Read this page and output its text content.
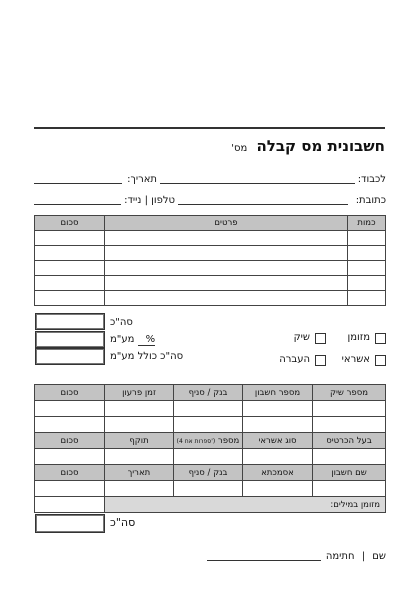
חשבונית מס קבלה מס'
לכבוד:
תאריך:
כתובת:
טלפון | נייד:
סכום	פרטים	כמות

סה"כ
% מע"מ
סה"כ כולל מע"מ
מזומן
שיק
אשראי
העברה
סכום	זמן פרעון	בנק / סניף	מספר חשבון	מספר שיק

סכום	תוקף	(4 ספרות אח') מספר	סוג אשראי	בעל הכרטיס

סכום	תאריך	בנק / סניף	אסמכתא	שם חשבון

	מזומן במילים:			
סה"כ
שם | חתימה
